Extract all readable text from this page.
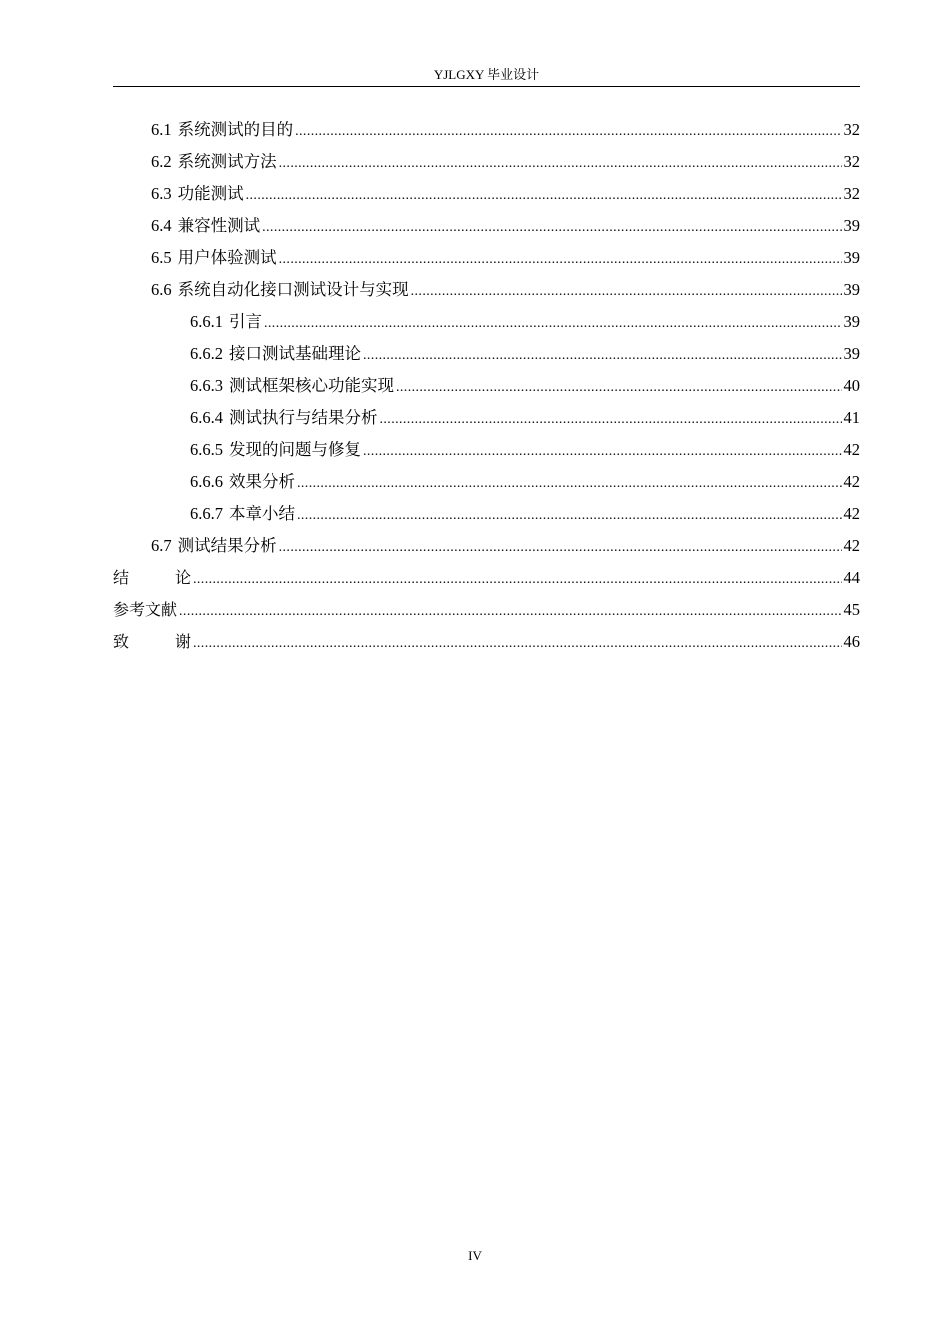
YJLGXY 毕业设计
6.1 系统测试的目的 .....	32
6.2 系统测试方法 .....	32
6.3 功能测试 .....	32
6.4 兼容性测试 .....	39
6.5 用户体验测试 .....	39
6.6 系统自动化接口测试设计与实现 .....	39
6.6.1 引言 .....	39
6.6.2 接口测试基础理论 .....	39
6.6.3 测试框架核心功能实现 .....	40
6.6.4 测试执行与结果分析 .....	41
6.6.5 发现的问题与修复 .....	42
6.6.6 效果分析 .....	42
6.6.7 本章小结 .....	42
6.7 测试结果分析 .....	42
结论 .....	44
参考文献 .....	45
致谢 .....	46
IV
